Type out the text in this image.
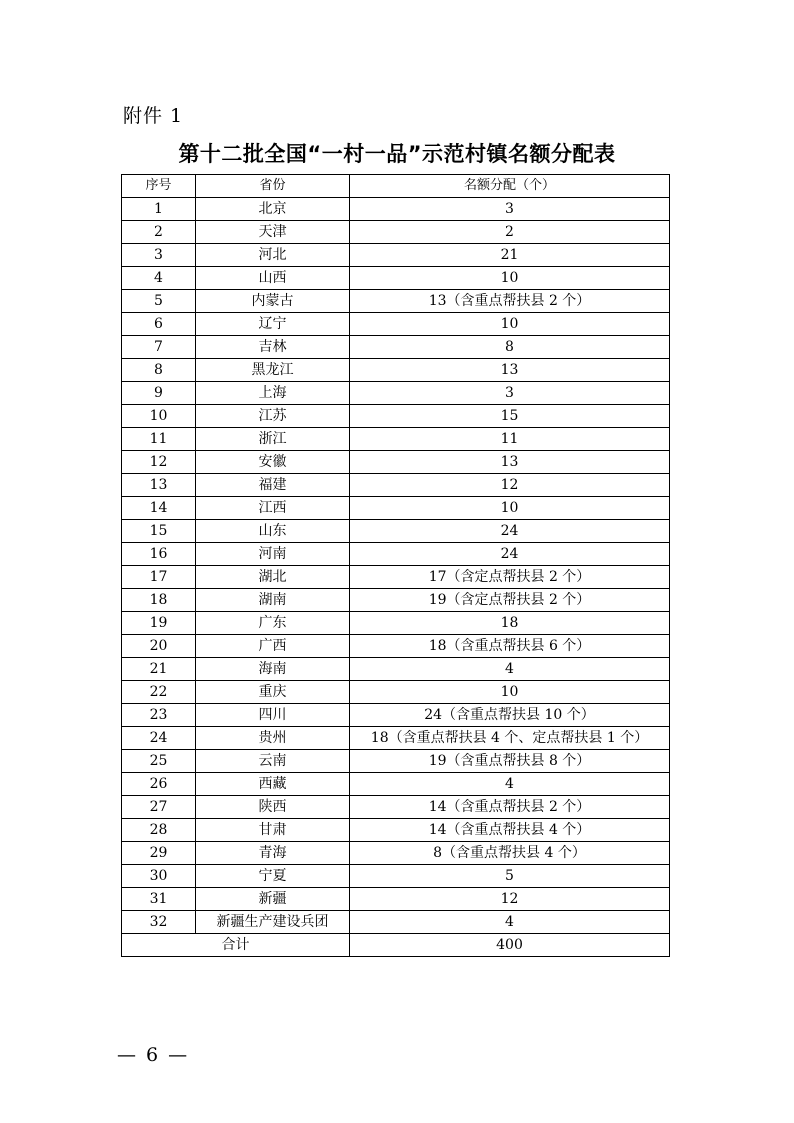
附件 1
第十二批全国“一村一品”示范村镇名额分配表
序号	省份	名额分配（个）
1	北京	3
2	天津	2
3	河北	21
4	山西	10
5	内蒙古	13（含重点帮扶县 2 个）
6	辽宁	10
7	吉林	8
8	黑龙江	13
9	上海	3
10	江苏	15
11	浙江	11
12	安徽	13
13	福建	12
14	江西	10
15	山东	24
16	河南	24
17	湖北	17（含定点帮扶县 2 个）
18	湖南	19（含定点帮扶县 2 个）
19	广东	18
20	广西	18（含重点帮扶县 6 个）
21	海南	4
22	重庆	10
23	四川	24（含重点帮扶县 10 个）
24	贵州	18（含重点帮扶县 4 个、定点帮扶县 1 个）
25	云南	19（含重点帮扶县 8 个）
26	西藏	4
27	陕西	14（含重点帮扶县 2 个）
28	甘肃	14（含重点帮扶县 4 个）
29	青海	8（含重点帮扶县 4 个）
30	宁夏	5
31	新疆	12
32	新疆生产建设兵团	4
合计		400
— 6 —
